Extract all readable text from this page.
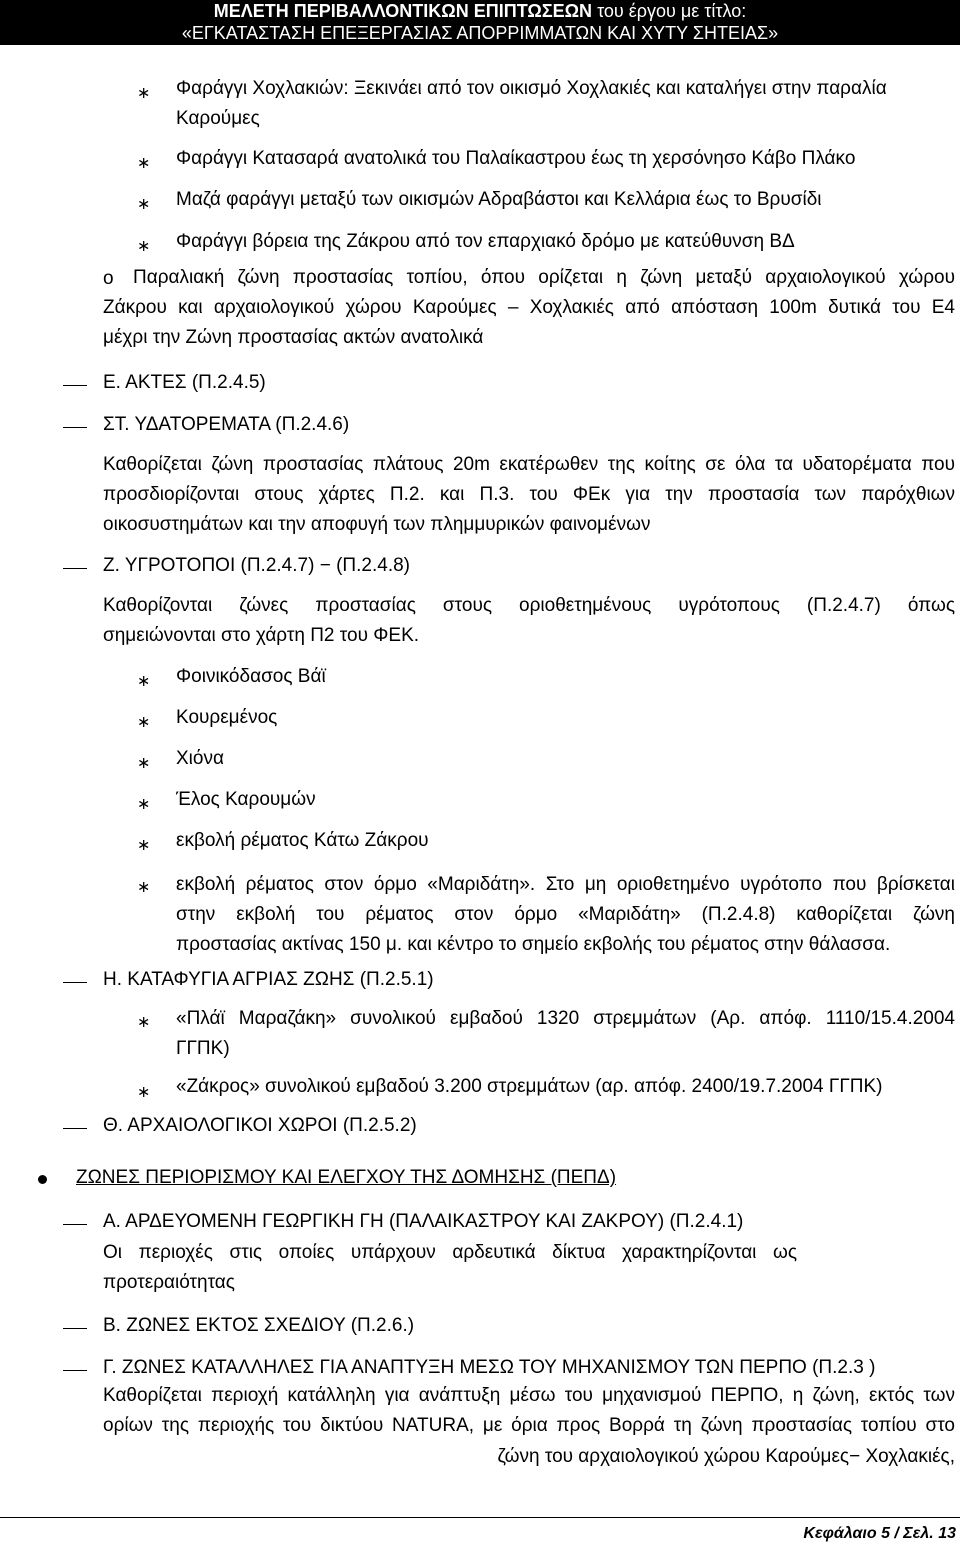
ΜΕΛΕΤΗ ΠΕΡΙΒΑΛΛΟΝΤΙΚΩΝ ΕΠΙΠΤΩΣΕΩΝ του έργου με τίτλο:
«ΕΓΚΑΤΑΣΤΑΣΗ ΕΠΕΞΕΡΓΑΣΙΑΣ ΑΠΟΡΡΙΜΜΑΤΩΝ ΚΑΙ ΧΥΤΥ ΣΗΤΕΙΑΣ»
∗ Φαράγγι Χοχλακιών: Ξεκινάει από τον οικισμό Χοχλακιές και καταλήγει στην παραλία
Καρούμες
∗ Φαράγγι Κατασαρά ανατολικά του Παλαίκαστρου έως τη χερσόνησο Κάβο Πλάκο
∗ Μαζά φαράγγι μεταξύ των οικισμών Αδραβάστοι και Κελλάρια έως το Βρυσίδι
∗ Φαράγγι βόρεια της Ζάκρου από τον επαρχιακό δρόμο με κατεύθυνση ΒΔ
o Παραλιακή ζώνη προστασίας τοπίου, όπου ορίζεται η ζώνη μεταξύ αρχαιολογικού χώρου
Ζάκρου και αρχαιολογικού χώρου Καρούμες – Χοχλακιές από απόσταση 100m δυτικά του Ε4
μέχρι την Ζώνη προστασίας ακτών ανατολικά
Ε. ΑΚΤΕΣ (Π.2.4.5)
ΣΤ. ΥΔΑΤΟΡΕΜΑΤΑ (Π.2.4.6)
Καθορίζεται ζώνη προστασίας πλάτους 20m εκατέρωθεν της κοίτης σε όλα τα υδατορέματα που
προσδιορίζονται στους χάρτες Π.2. και Π.3. του ΦΕκ για την προστασία των παρόχθιων
οικοσυστημάτων και την αποφυγή των πλημμυρικών φαινομένων
Ζ. ΥΓΡΟΤΟΠΟΙ (Π.2.4.7) − (Π.2.4.8)
Καθορίζονται ζώνες προστασίας στους οριοθετημένους υγρότοπους (Π.2.4.7) όπως
σημειώνονται στο χάρτη Π2 του ΦΕΚ.
∗ Φοινικόδασος Βάϊ
∗ Κουρεμένος
∗ Χιόνα
∗ Έλος Καρουμών
∗ εκβολή ρέματος Κάτω Ζάκρου
∗ εκβολή ρέματος στον όρμο «Μαριδάτη». Στο μη οριοθετημένο υγρότοπο που βρίσκεται
στην εκβολή του ρέματος στον όρμο «Μαριδάτη» (Π.2.4.8) καθορίζεται ζώνη
προστασίας ακτίνας 150 μ. και κέντρο το σημείο εκβολής του ρέματος στην θάλασσα.
Η. ΚΑΤΑΦΥΓΙΑ ΑΓΡΙΑΣ ΖΩΗΣ (Π.2.5.1)
∗ «Πλάϊ Μαραζάκη» συνολικού εμβαδού 1320 στρεμμάτων (Αρ. απόφ. 1110/15.4.2004
ΓΓΠΚ)
∗ «Ζάκρος» συνολικού εμβαδού 3.200 στρεμμάτων (αρ. απόφ. 2400/19.7.2004 ΓΓΠΚ)
Θ. ΑΡΧΑΙΟΛΟΓΙΚΟΙ ΧΩΡΟΙ (Π.2.5.2)
ΖΩΝΕΣ ΠΕΡΙΟΡΙΣΜΟΥ ΚΑΙ ΕΛΕΓΧΟΥ ΤΗΣ ΔΟΜΗΣΗΣ (ΠΕΠΔ)
Α. ΑΡΔΕΥΟΜΕΝΗ ΓΕΩΡΓΙΚΗ ΓΗ (ΠΑΛΑΙΚΑΣΤΡΟΥ ΚΑΙ ΖΑΚΡΟΥ) (Π.2.4.1)
Οι περιοχές στις οποίες υπάρχουν αρδευτικά δίκτυα χαρακτηρίζονται ως
προτεραιότητας
Β. ΖΩΝΕΣ ΕΚΤΟΣ ΣΧΕΔΙΟΥ (Π.2.6.)
Γ. ΖΩΝΕΣ ΚΑΤΑΛΛΗΛΕΣ ΓΙΑ ΑΝΑΠΤΥΞΗ ΜΕΣΩ ΤΟΥ ΜΗΧΑΝΙΣΜΟΥ ΤΩΝ ΠΕΡΠΟ (Π.2.3 )
Καθορίζεται περιοχή κατάλληλη για ανάπτυξη μέσω του μηχανισμού ΠΕΡΠΟ, η ζώνη, εκτός των
ορίων της περιοχής του δικτύου NATURA, με όρια προς Βορρά τη ζώνη προστασίας τοπίου στο
ζώνη του αρχαιολογικού χώρου Καρούμες− Χοχλακιές,
Κεφάλαιο 5 / Σελ. 13
